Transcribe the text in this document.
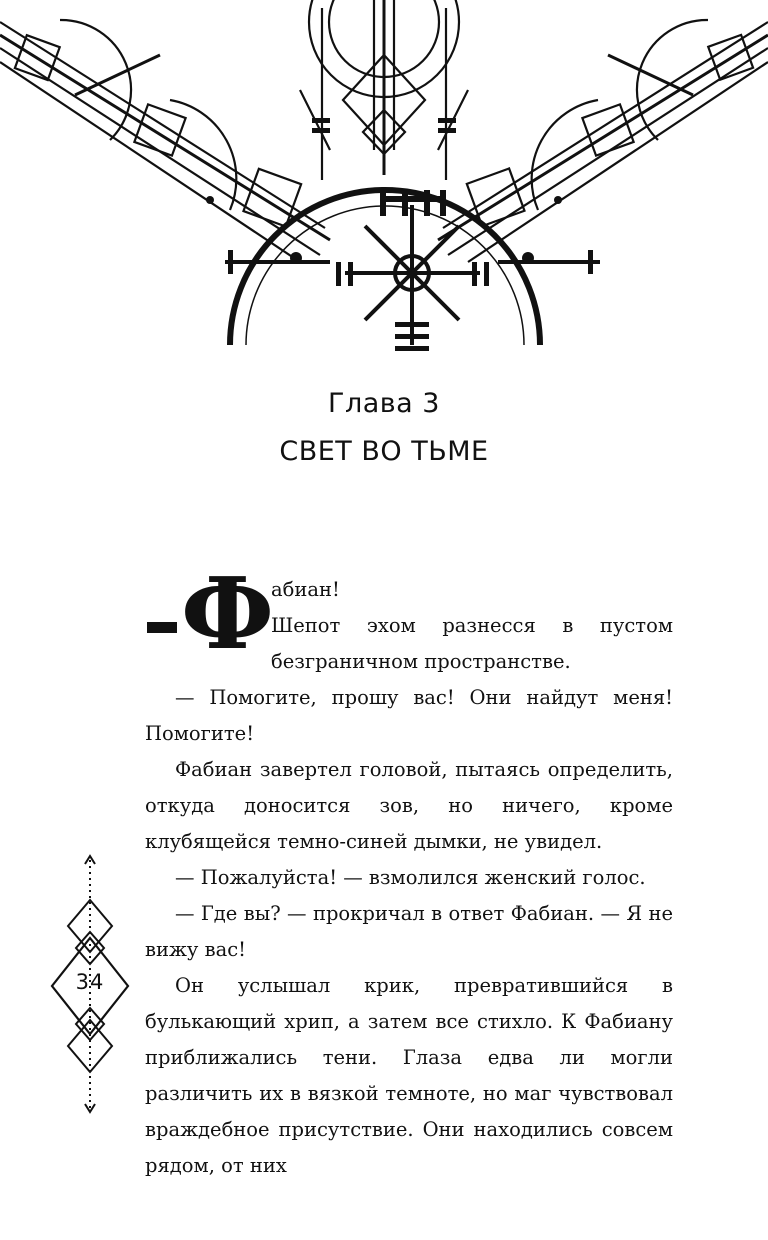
Глава 3
СВЕТ ВО ТЬМЕ
Ф

абиан!

Шепот эхом разнесся в пустом безграничном пространстве.

— Помогите, прошу вас! Они найдут меня! Помогите!

Фабиан завертел головой, пытаясь определить, откуда доносится зов, но ничего, кроме клубящейся темно-синей дымки, не увидел.

— Пожалуйста! — взмолился женский голос.

— Где вы? — прокричал в ответ Фабиан. — Я не вижу вас!

Он услышал крик, превратившийся в булькающий хрип, а затем все стихло. К Фабиану приближались тени. Глаза едва ли могли различить их в вязкой темноте, но маг чувствовал враждебное присутствие. Они находились совсем рядом, от них

34
